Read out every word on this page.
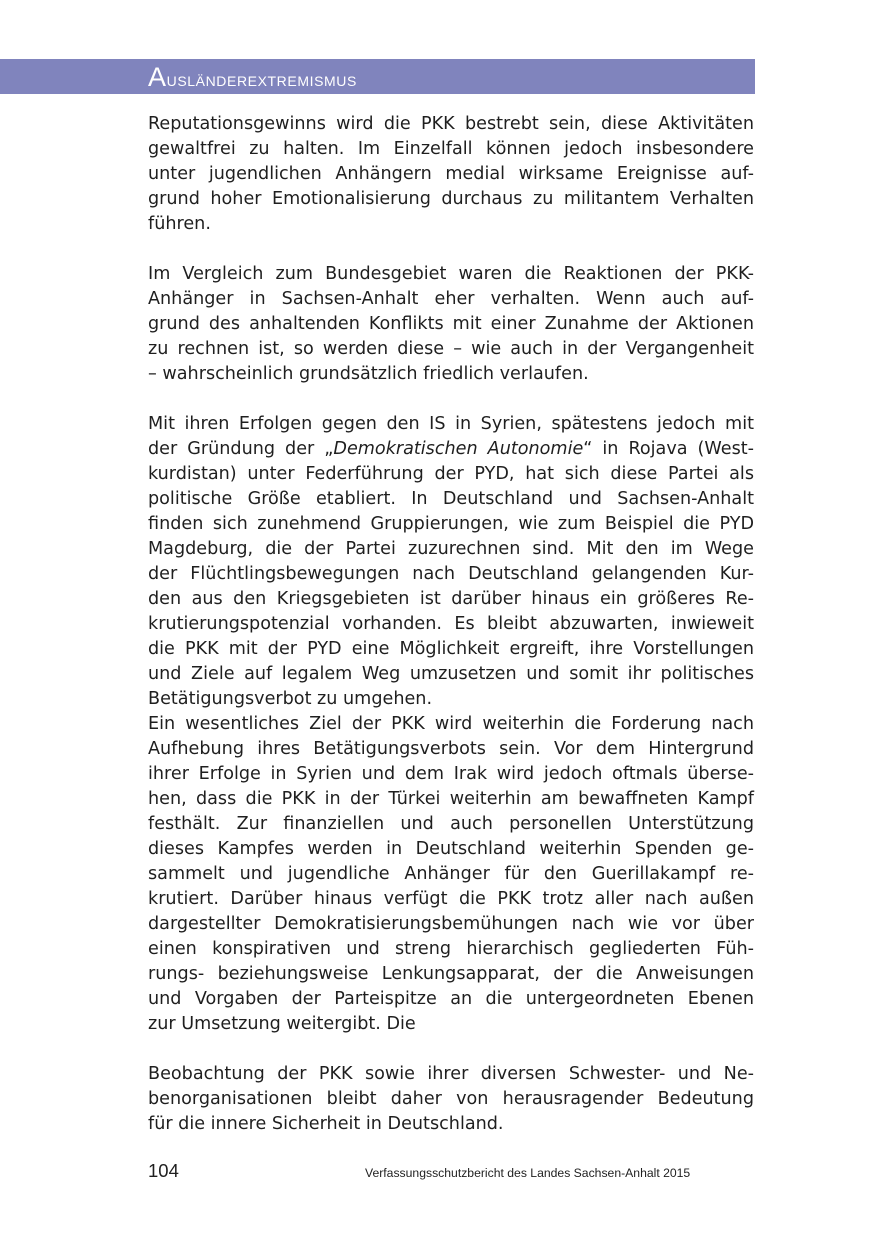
Ausländerextremismus

Reputationsgewinns wird die PKK bestrebt sein, diese Aktivitäten
gewaltfrei zu halten. Im Einzelfall können jedoch insbesondere
unter jugendlichen Anhängern medial wirksame Ereignisse auf-
grund hoher Emotionalisierung durchaus zu militantem Verhalten
führen.

Im Vergleich zum Bundesgebiet waren die Reaktionen der PKK-
Anhänger in Sachsen-Anhalt eher verhalten. Wenn auch auf-
grund des anhaltenden Konflikts mit einer Zunahme der Aktionen
zu rechnen ist, so werden diese – wie auch in der Vergangenheit
– wahrscheinlich grundsätzlich friedlich verlaufen.

Mit ihren Erfolgen gegen den IS in Syrien, spätestens jedoch mit
der Gründung der „Demokratischen Autonomie“ in Rojava (West-
kurdistan) unter Federführung der PYD, hat sich diese Partei als
politische Größe etabliert. In Deutschland und Sachsen-Anhalt
finden sich zunehmend Gruppierungen, wie zum Beispiel die PYD
Magdeburg, die der Partei zuzurechnen sind. Mit den im Wege
der Flüchtlingsbewegungen nach Deutschland gelangenden Kur-
den aus den Kriegsgebieten ist darüber hinaus ein größeres Re-
krutierungspotenzial vorhanden. Es bleibt abzuwarten, inwieweit
die PKK mit der PYD eine Möglichkeit ergreift, ihre Vorstellungen
und Ziele auf legalem Weg umzusetzen und somit ihr politisches
Betätigungsverbot zu umgehen.

Ein wesentliches Ziel der PKK wird weiterhin die Forderung nach
Aufhebung ihres Betätigungsverbots sein. Vor dem Hintergrund
ihrer Erfolge in Syrien und dem Irak wird jedoch oftmals überse-
hen, dass die PKK in der Türkei weiterhin am bewaffneten Kampf
festhält. Zur finanziellen und auch personellen Unterstützung
dieses Kampfes werden in Deutschland weiterhin Spenden ge-
sammelt und jugendliche Anhänger für den Guerillakampf re-
krutiert. Darüber hinaus verfügt die PKK trotz aller nach außen
dargestellter Demokratisierungsbemühungen nach wie vor über
einen konspirativen und streng hierarchisch gegliederten Füh-
rungs- beziehungsweise Lenkungsapparat, der die Anweisungen
und Vorgaben der Parteispitze an die untergeordneten Ebenen
zur Umsetzung weitergibt. Die

Beobachtung der PKK sowie ihrer diversen Schwester- und Ne-
benorganisationen bleibt daher von herausragender Bedeutung
für die innere Sicherheit in Deutschland.

104	Verfassungsschutzbericht des Landes Sachsen-Anhalt 2015
